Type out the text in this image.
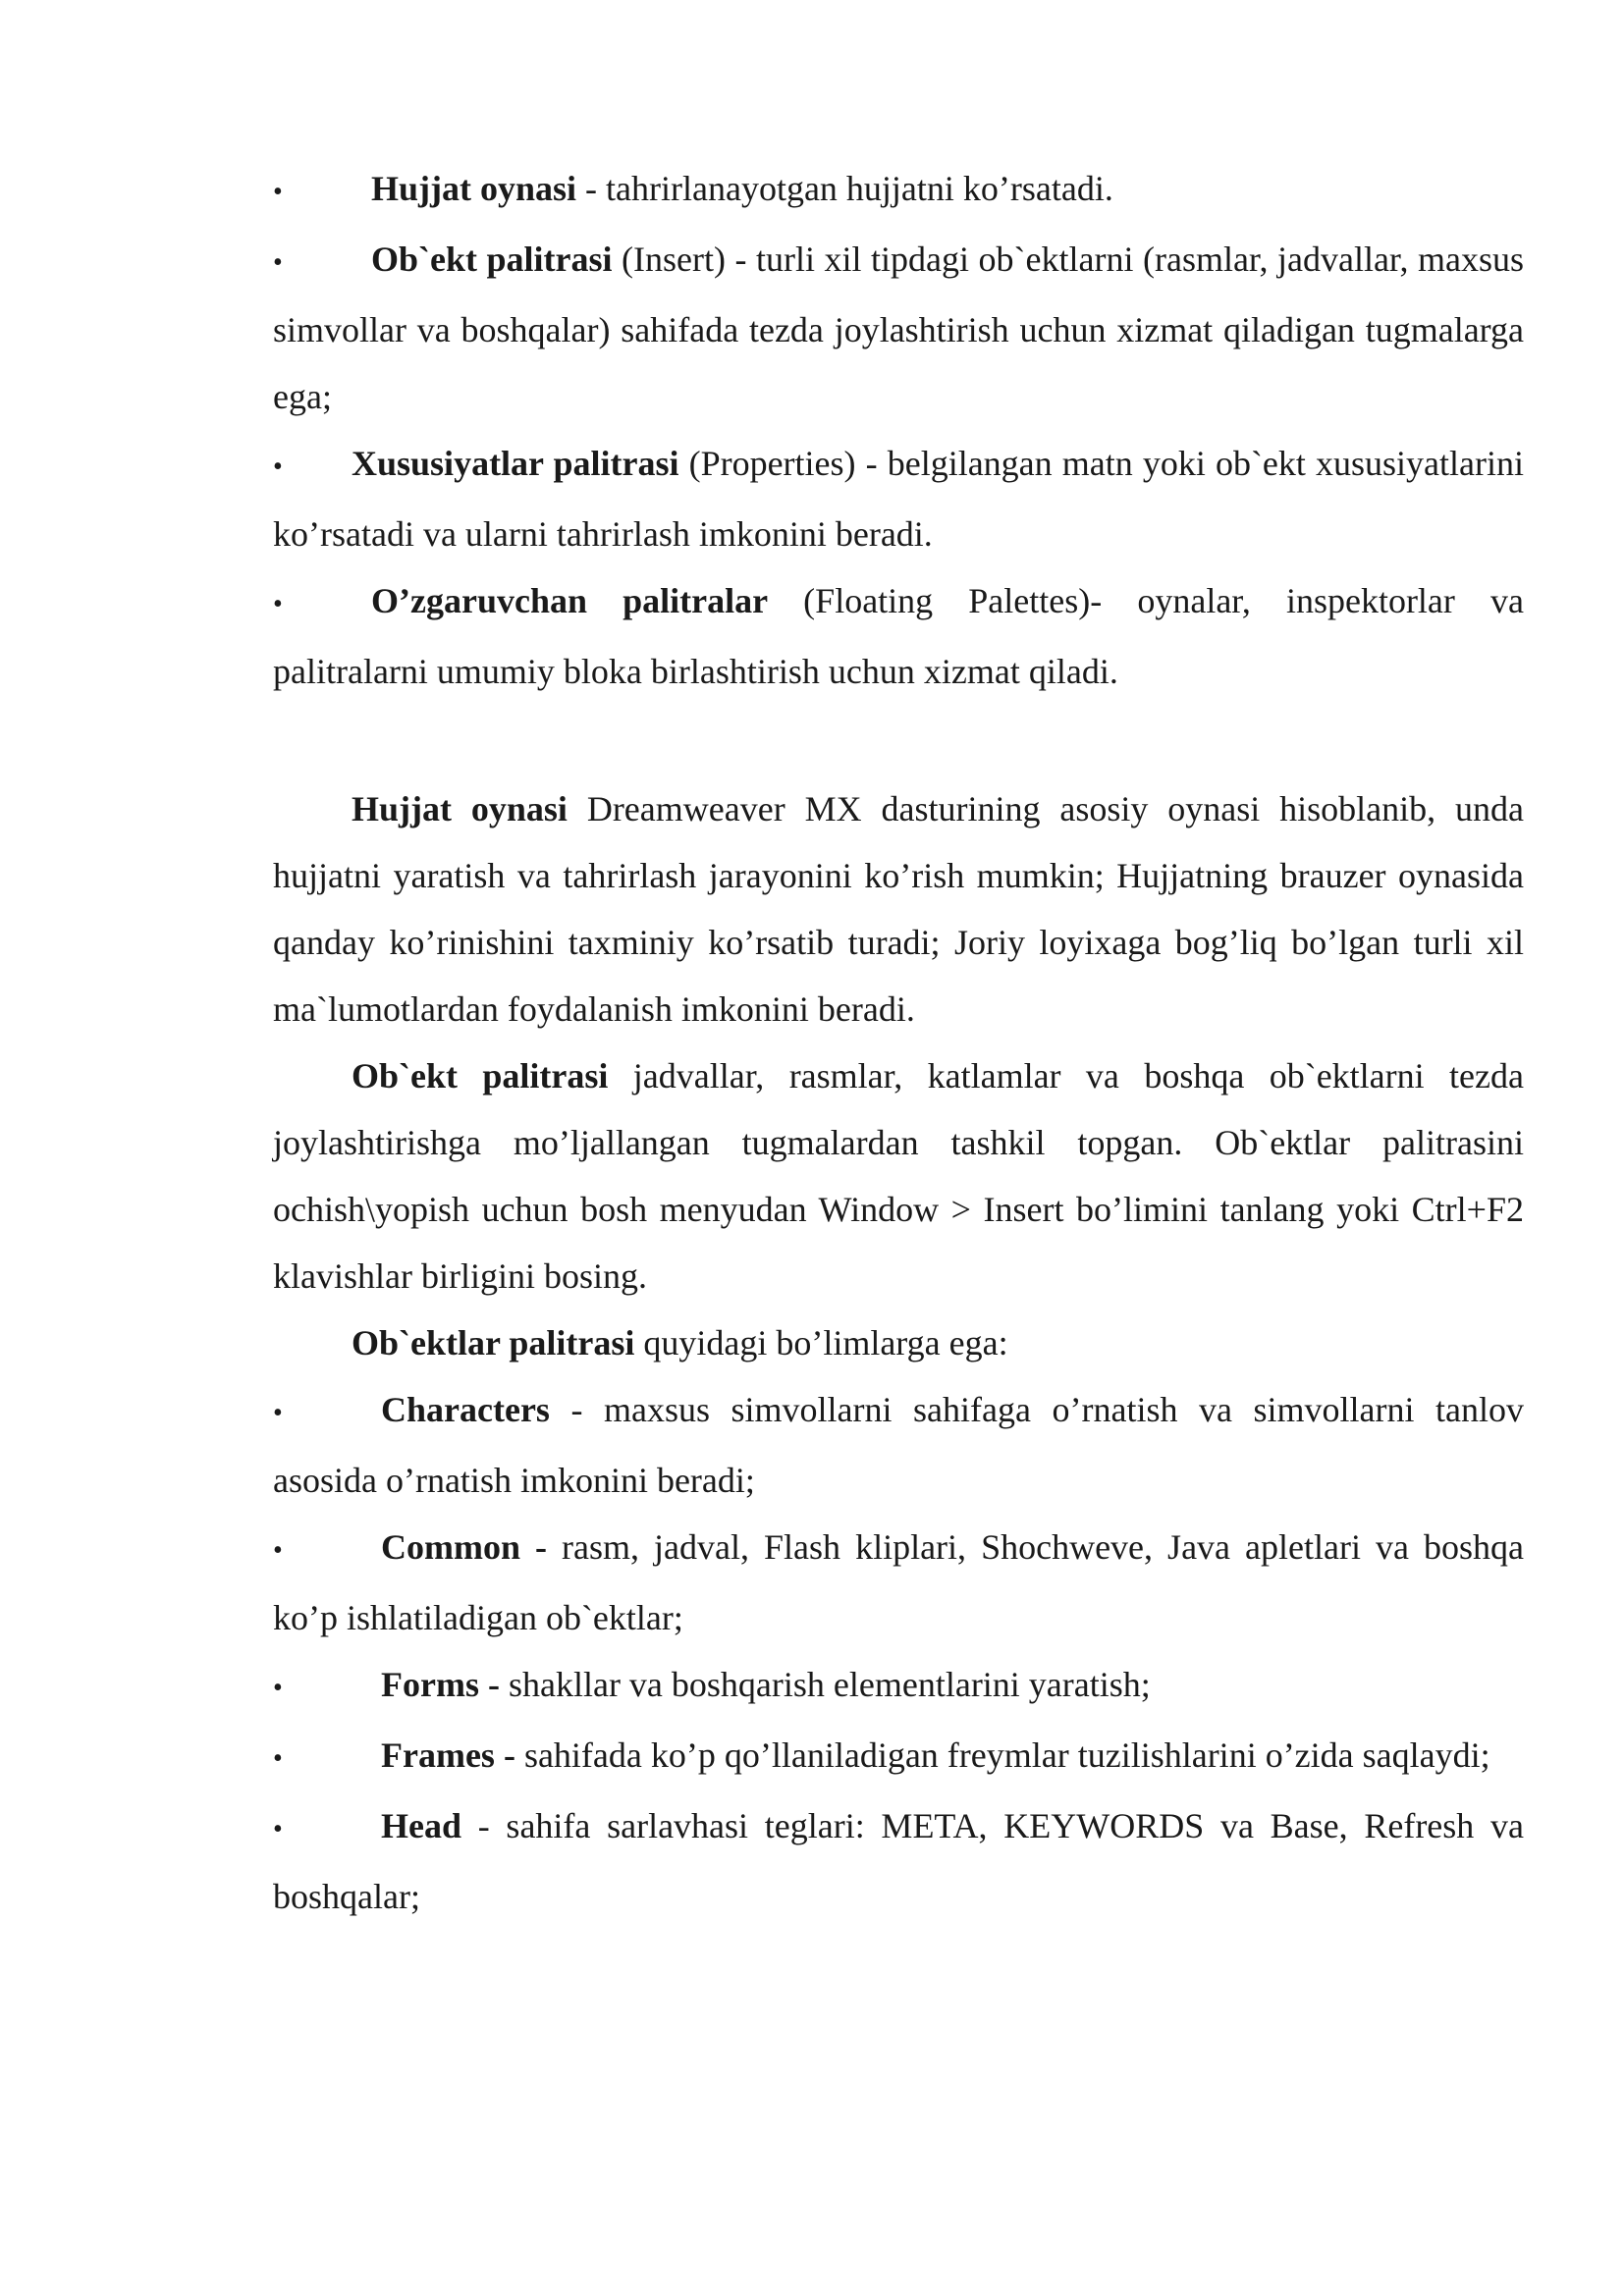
•	Hujjat oynasi - tahrirlanayotgan hujjatni ko’rsatadi.

•	Ob`ekt palitrasi (Insert) - turli xil tipdagi ob`ektlarni (rasmlar, jadvallar, maxsus simvollar va boshqalar) sahifada tezda joylashtirish uchun xizmat qiladigan tugmalarga ega;

• Xususiyatlar palitrasi (Properties) - belgilangan matn yoki ob`ekt xususiyatlarini ko’rsatadi va ularni tahrirlash imkonini beradi.

•	O’zgaruvchan palitralar (Floating Palettes)- oynalar, inspektorlar va palitralarni umumiy bloka birlashtirish uchun xizmat qiladi.

Hujjat oynasi Dreamweaver MX dasturining asosiy oynasi hisoblanib, unda hujjatni yaratish va tahrirlash jarayonini ko’rish mumkin; Hujjatning brauzer oynasida qanday ko’rinishini taxminiy ko’rsatib turadi; Joriy loyixaga bog’liq bo’lgan turli xil ma`lumotlardan foydalanish imkonini beradi.

Ob`ekt palitrasi jadvallar, rasmlar, katlamlar va boshqa ob`ektlarni tezda joylashtirishga mo’ljallangan tugmalardan tashkil topgan. Ob`ektlar palitrasini ochish\yopish uchun bosh menyudan Window > Insert bo’limini tanlang yoki Ctrl+F2 klavishlar birligini bosing.

Ob`ektlar palitrasi quyidagi bo’limlarga ega:

•	Characters - maxsus simvollarni sahifaga o’rnatish va simvollarni tanlov asosida o’rnatish imkonini beradi;

•	Common - rasm, jadval, Flash kliplari, Shochweve, Java apletlari va boshqa ko’p ishlatiladigan ob`ektlar;

•	Forms - shakllar va boshqarish elementlarini yaratish;

•	Frames - sahifada ko’p qo’llaniladigan freymlar tuzilishlarini o’zida saqlaydi;

•	Head - sahifa sarlavhasi teglari: META, KEYWORDS va Base, Refresh va boshqalar;
